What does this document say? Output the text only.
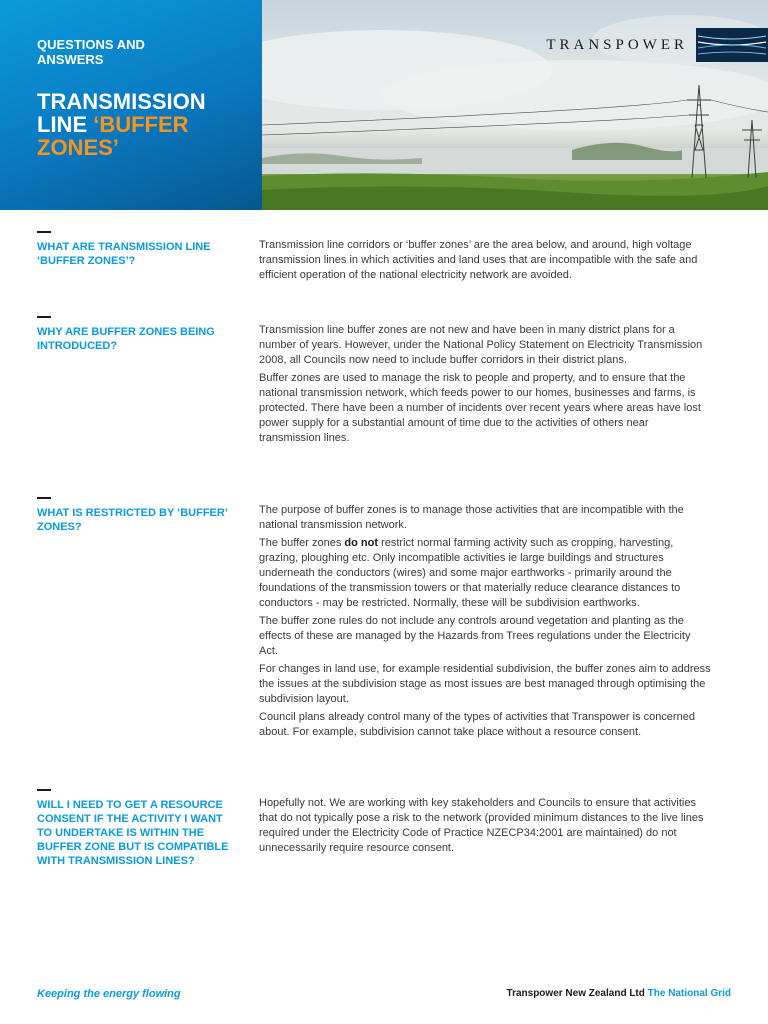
QUESTIONS AND
ANSWERS
TRANSMISSION
LINE ‘BUFFER
ZONES’
TRANSPOWER
WHAT ARE TRANSMISSION LINE ‘BUFFER ZONES’?

Transmission line corridors or ‘buffer zones’ are the area below, and around, high voltage transmission lines in which activities and land uses that are incompatible with the safe and efficient operation of the national electricity network are avoided.

WHY ARE BUFFER ZONES BEING INTRODUCED?

Transmission line buffer zones are not new and have been in many district plans for a number of years. However, under the National Policy Statement on Electricity Transmission 2008, all Councils now need to include buffer corridors in their district plans.

Buffer zones are used to manage the risk to people and property, and to ensure that the national transmission network, which feeds power to our homes, businesses and farms, is protected. There have been a number of incidents over recent years where areas have lost power supply for a substantial amount of time due to the activities of others near transmission lines.

WHAT IS RESTRICTED BY ‘BUFFER’ ZONES?

The purpose of buffer zones is to manage those activities that are incompatible with the national transmission network.

The buffer zones do not restrict normal farming activity such as cropping, harvesting, grazing, ploughing etc. Only incompatible activities ie large buildings and structures underneath the conductors (wires) and some major earthworks - primarily around the foundations of the transmission towers or that materially reduce clearance distances to conductors - may be restricted. Normally, these will be subdivision earthworks.

The buffer zone rules do not include any controls around vegetation and planting as the effects of these are managed by the Hazards from Trees regulations under the Electricity Act.

For changes in land use, for example residential subdivision, the buffer zones aim to address the issues at the subdivision stage as most issues are best managed through optimising the subdivision layout.

Council plans already control many of the types of activities that Transpower is concerned about. For example, subdivision cannot take place without a resource consent.

WILL I NEED TO GET A RESOURCE CONSENT IF THE ACTIVITY I WANT TO UNDERTAKE IS WITHIN THE BUFFER ZONE BUT IS COMPATIBLE WITH TRANSMISSION LINES?

Hopefully not. We are working with key stakeholders and Councils to ensure that activities that do not typically pose a risk to the network (provided minimum distances to the live lines required under the Electricity Code of Practice NZECP34:2001 are maintained) do not unnecessarily require resource consent.

Keeping the energy flowing	Transpower New Zealand Ltd The National Grid
